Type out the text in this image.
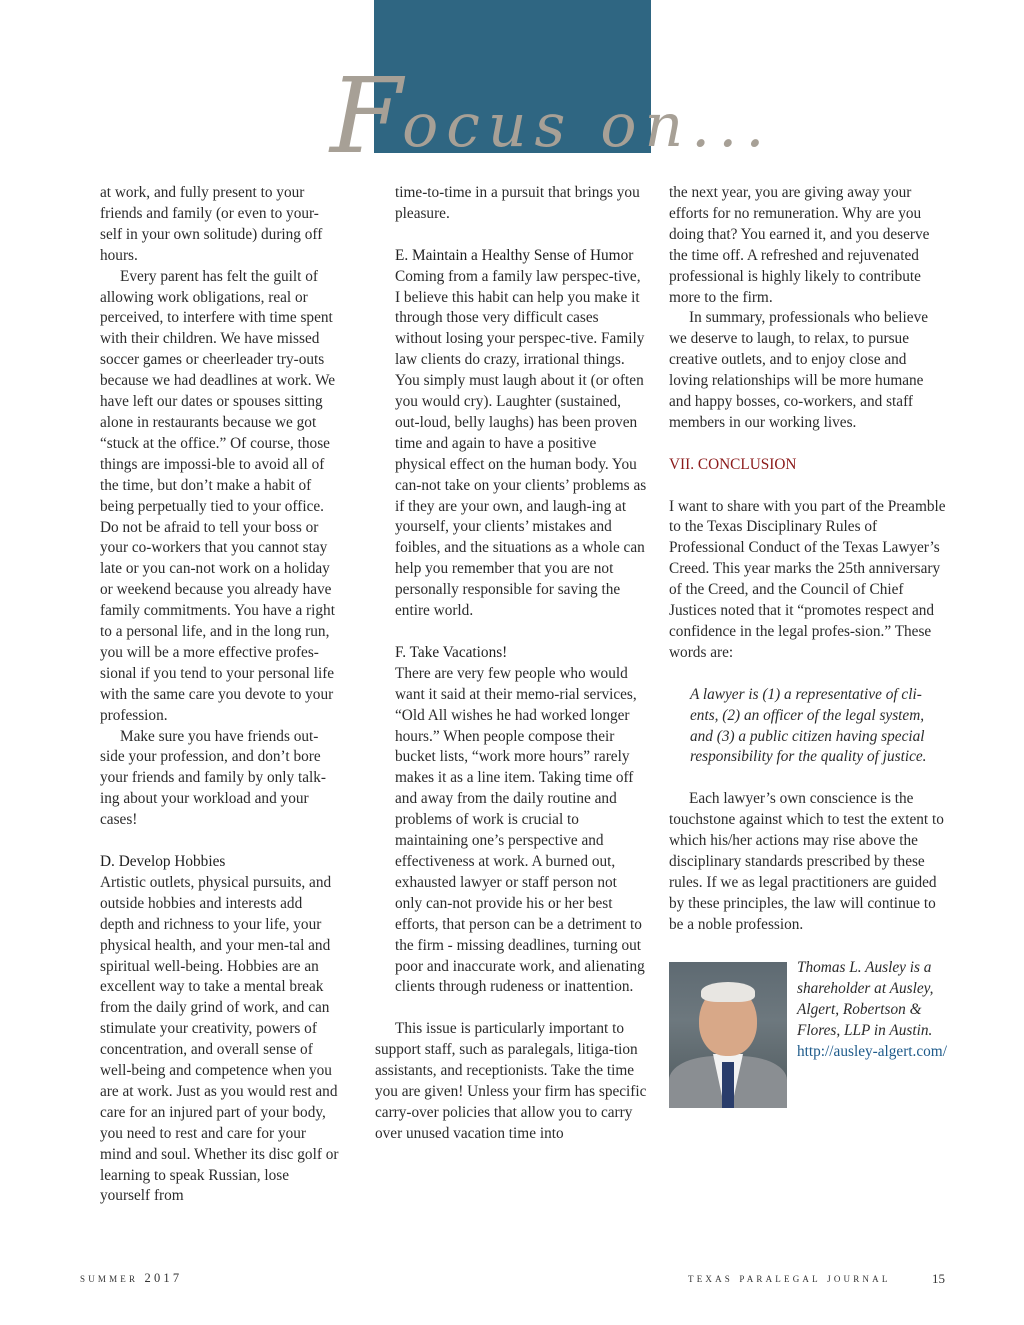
Focus on...

at work, and fully present to your friends and family (or even to your-self in your own solitude) during off hours.

Every parent has felt the guilt of allowing work obligations, real or perceived, to interfere with time spent with their children. We have missed soccer games or cheerleader try-outs because we had deadlines at work. We have left our dates or spouses sitting alone in restaurants because we got “stuck at the office.” Of course, those things are impossi-ble to avoid all of the time, but don’t make a habit of being perpetually tied to your office. Do not be afraid to tell your boss or your co-workers that you cannot stay late or you can-not work on a holiday or weekend because you already have family commitments. You have a right to a personal life, and in the long run, you will be a more effective profes-sional if you tend to your personal life with the same care you devote to your profession.

Make sure you have friends out-side your profession, and don’t bore your friends and family by only talk-ing about your workload and your cases!

D. Develop Hobbies

Artistic outlets, physical pursuits, and outside hobbies and interests add depth and richness to your life, your physical health, and your men-tal and spiritual well-being. Hobbies are an excellent way to take a mental break from the daily grind of work, and can stimulate your creativity, powers of concentration, and overall sense of well-being and competence when you are at work. Just as you would rest and care for an injured part of your body, you need to rest and care for your mind and soul. Whether its disc golf or learning to speak Russian, lose yourself from

time-to-time in a pursuit that brings you pleasure.

E. Maintain a Healthy Sense of Humor

Coming from a family law perspec-tive, I believe this habit can help you make it through those very difficult cases without losing your perspec-tive. Family law clients do crazy, irrational things. You simply must laugh about it (or often you would cry). Laughter (sustained, out-loud, belly laughs) has been proven time and again to have a positive physical effect on the human body. You can-not take on your clients’ problems as if they are your own, and laugh-ing at yourself, your clients’ mistakes and foibles, and the situations as a whole can help you remember that you are not personally responsible for saving the entire world.

F. Take Vacations!

There are very few people who would want it said at their memo-rial services, “Old All wishes he had worked longer hours.” When people compose their bucket lists, “work more hours” rarely makes it as a line item. Taking time off and away from the daily routine and problems of work is crucial to maintaining one’s perspective and effectiveness at work. A burned out, exhausted lawyer or staff person not only can-not provide his or her best efforts, that person can be a detriment to the firm - missing deadlines, turning out poor and inaccurate work, and alienating clients through rudeness or inattention.

This issue is particularly important to support staff, such as paralegals, litiga-tion assistants, and receptionists. Take the time you are given! Unless your firm has specific carry-over policies that allow you to carry over unused vacation time into

the next year, you are giving away your efforts for no remuneration. Why are you doing that? You earned it, and you deserve the time off. A refreshed and rejuvenated professional is highly likely to contribute more to the firm.

In summary, professionals who believe we deserve to laugh, to relax, to pursue creative outlets, and to enjoy close and loving relationships will be more humane and happy bosses, co-workers, and staff members in our working lives.

VII. CONCLUSION

I want to share with you part of the Preamble to the Texas Disciplinary Rules of Professional Conduct of the Texas Lawyer’s Creed. This year marks the 25th anniversary of the Creed, and the Council of Chief Justices noted that it “promotes respect and confidence in the legal profes-sion.” These words are:

A lawyer is (1) a representative of cli-ents, (2) an officer of the legal system, and (3) a public citizen having special responsibility for the quality of justice.

Each lawyer’s own conscience is the touchstone against which to test the extent to which his/her actions may rise above the disciplinary standards prescribed by these rules. If we as legal practitioners are guided by these principles, the law will continue to be a noble profession.

Thomas L. Ausley is a shareholder at Ausley, Algert, Robertson & Flores, LLP in Austin. http://ausley-algert.com/
summer 2017	texas paralegal journal	15
